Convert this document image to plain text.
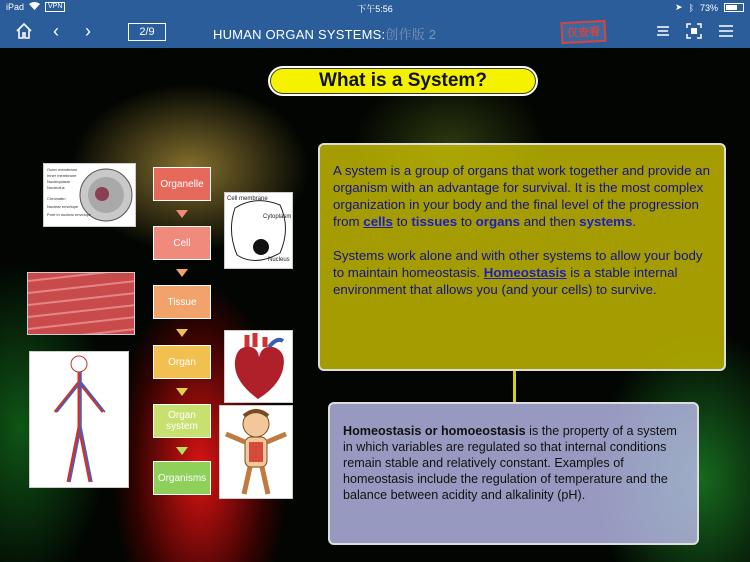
iPad	VPN	下午5:56	➤ ᛒ 73%
‹	›	2/9	HUMAN ORGAN SYSTEMS:创作版 2	仅查看
What is a System?
Outer membrane
Inner membrane
Nucleoplasm
Nucleolus
Chromatin
Nuclear envelope
Pore in nuclear envelope
Organelle
Cell
Tissue
Organ
Organ system
Organisms
Cell membrane
Cytoplasm
Nucleus

A system is a group of organs that work together and provide an organism with an advantage for survival. It is the most complex organization in your body and the final level of the progression from cells to tissues to organs and then systems.

Systems work alone and with other systems to allow your body to maintain homeostasis. Homeostasis is a stable internal environment that allows you (and your cells) to survive.

Homeostasis or homoeostasis is the property of a system in which variables are regulated so that internal conditions remain stable and relatively constant. Examples of homeostasis include the regulation of temperature and the balance between acidity and alkalinity (pH).
